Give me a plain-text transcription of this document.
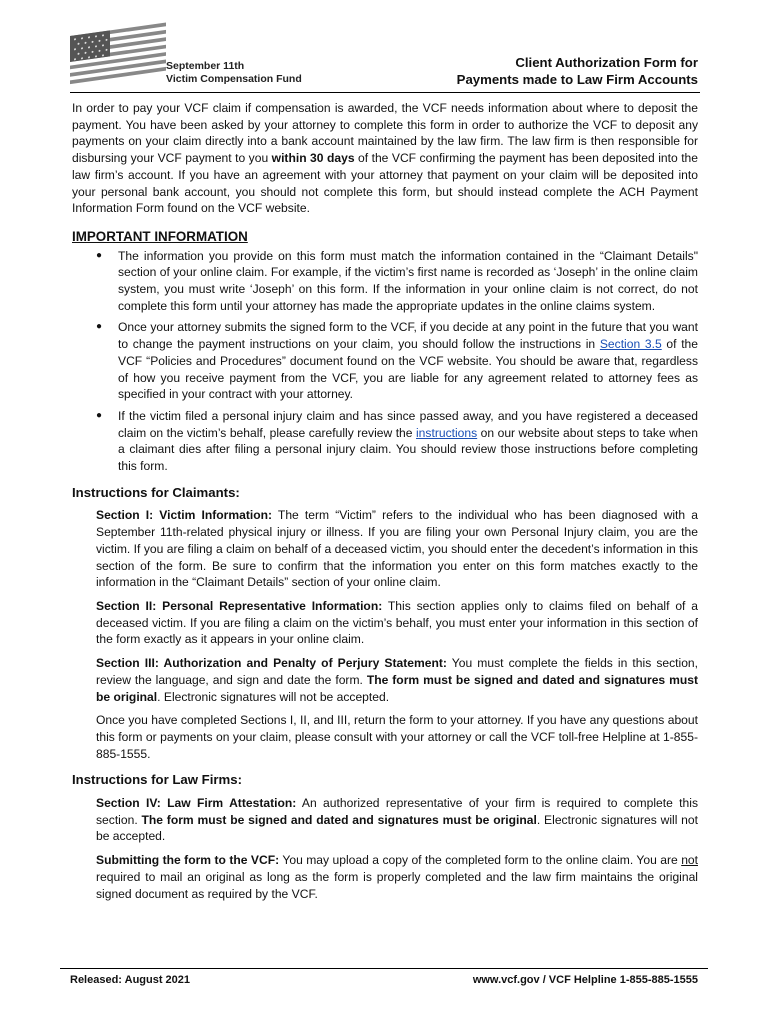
September 11th
Victim Compensation Fund
Client Authorization Form for
Payments made to Law Firm Accounts

In order to pay your VCF claim if compensation is awarded, the VCF needs information about where to deposit the payment. You have been asked by your attorney to complete this form in order to authorize the VCF to deposit any payments on your claim directly into a bank account maintained by the law firm. The law firm is then responsible for disbursing your VCF payment to you within 30 days of the VCF confirming the payment has been deposited into the law firm’s account. If you have an agreement with your attorney that payment on your claim will be deposited into your personal bank account, you should not complete this form, but should instead complete the ACH Payment Information Form found on the VCF website.

IMPORTANT INFORMATION
● The information you provide on this form must match the information contained in the “Claimant Details" section of your online claim. For example, if the victim’s first name is recorded as ‘Joseph’ in the online claim system, you must write ‘Joseph’ on this form. If the information in your online claim is not correct, do not complete this form until your attorney has made the appropriate updates in the online claims system.
● Once your attorney submits the signed form to the VCF, if you decide at any point in the future that you want to change the payment instructions on your claim, you should follow the instructions in Section 3.5 of the VCF “Policies and Procedures” document found on the VCF website. You should be aware that, regardless of how you receive payment from the VCF, you are liable for any agreement related to attorney fees as specified in your contract with your attorney.
● If the victim filed a personal injury claim and has since passed away, and you have registered a deceased claim on the victim’s behalf, please carefully review the instructions on our website about steps to take when a claimant dies after filing a personal injury claim. You should review those instructions before completing this form.
Instructions for Claimants:

Section I: Victim Information: The term “Victim” refers to the individual who has been diagnosed with a September 11th-related physical injury or illness. If you are filing your own Personal Injury claim, you are the victim. If you are filing a claim on behalf of a deceased victim, you should enter the decedent’s information in this section of the form. Be sure to confirm that the information you enter on this form matches exactly to the information in the “Claimant Details” section of your online claim.

Section II: Personal Representative Information: This section applies only to claims filed on behalf of a deceased victim. If you are filing a claim on the victim’s behalf, you must enter your information in this section of the form exactly as it appears in your online claim.

Section III: Authorization and Penalty of Perjury Statement: You must complete the fields in this section, review the language, and sign and date the form. The form must be signed and dated and signatures must be original. Electronic signatures will not be accepted.

Once you have completed Sections I, II, and III, return the form to your attorney. If you have any questions about this form or payments on your claim, please consult with your attorney or call the VCF toll-free Helpline at 1-855-885-1555.

Instructions for Law Firms:

Section IV: Law Firm Attestation: An authorized representative of your firm is required to complete this section. The form must be signed and dated and signatures must be original. Electronic signatures will not be accepted.

Submitting the form to the VCF: You may upload a copy of the completed form to the online claim. You are not required to mail an original as long as the form is properly completed and the law firm maintains the original signed document as required by the VCF.

Released: August 2021	www.vcf.gov / VCF Helpline 1-855-885-1555
